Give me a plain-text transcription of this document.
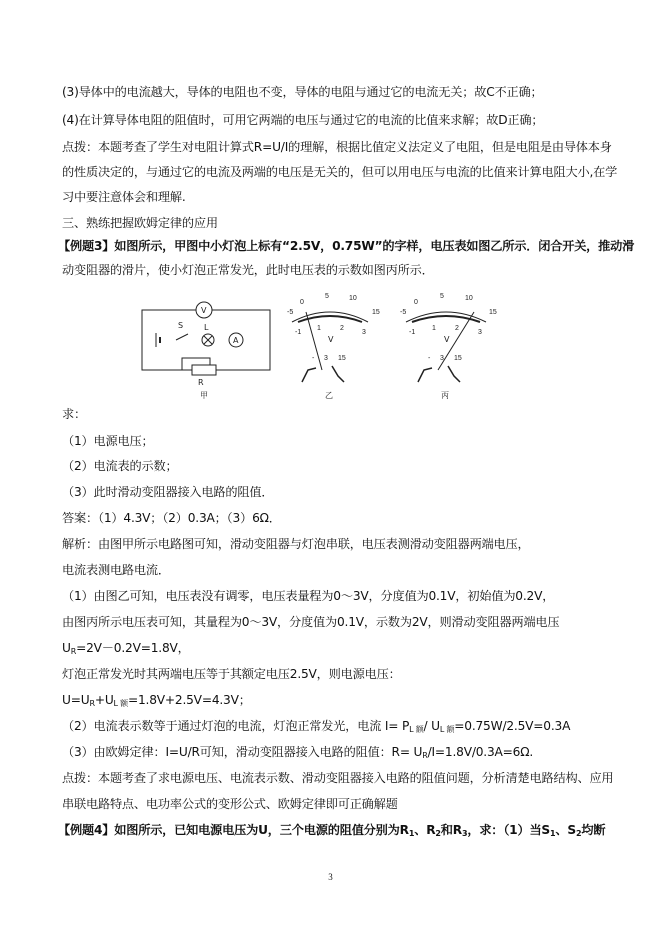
(3)导体中的电流越大，导体的电阻也不变，导体的电阻与通过它的电流无关；故C不正确；
(4)在计算导体电阻的阻值时，可用它两端的电压与通过它的电流的比值来求解；故D正确；
点拨：本题考查了学生对电阻计算式R=U/I的理解，根据比值定义法定义了电阻，但是电阻是由导体本身
的性质决定的，与通过它的电流及两端的电压是无关的，但可以用电压与电流的比值来计算电阻大小,在学
习中要注意体会和理解.
三、熟练把握欧姆定律的应用
【例题3】如图所示，甲图中小灯泡上标有“2.5V，0.75W”的字样，电压表如图乙所示．闭合开关，推动滑
动变阻器的滑片，使小灯泡正常发光，此时电压表的示数如图丙所示．
V
A
S	L
R
甲
-5
0
5	10
15
-1
1	2
3
V
- 3 15
乙
-5
0
5	10
15
-1
1	2
3
V
- 3 15
丙
求：
（1）电源电压；
（2）电流表的示数；
（3）此时滑动变阻器接入电路的阻值．
答案：（1）4.3V；（2）0.3A；（3）6Ω．
解析：由图甲所示电路图可知，滑动变阻器与灯泡串联，电压表测滑动变阻器两端电压，
电流表测电路电流．
（1）由图乙可知，电压表没有调零，电压表量程为0～3V，分度值为0.1V，初始值为0.2V，
由图丙所示电压表可知，其量程为0～3V，分度值为0.1V，示数为2V，则滑动变阻器两端电压
$U_R=2V-0.2V=1.8V$，
灯泡正常发光时其两端电压等于其额定电压2.5V，则电源电压：
$U=U_R+U_{L 额}=1.8V+2.5V=4.3V$；
（2）电流表示数等于通过灯泡的电流，灯泡正常发光，电流 $I= P_{L 额}/$ $U_{L 额}=0.75W/2.5V=0.3A$
（3）由欧姆定律：I=U/R可知，滑动变阻器接入电路的阻值：$R= U_R/I=1.8V/0.3A=6\Omega$.
点拨：本题考查了求电源电压、电流表示数、滑动变阻器接入电路的阻值问题，分析清楚电路结构、应用
串联电路特点、电功率公式的变形公式、欧姆定律即可正确解题
【例题4】如图所示，已知电源电压为U，三个电源的阻值分别为$R_1$、$R_2$和$R_3$，求：（1）当$S_1$、$S_2$均断
3
